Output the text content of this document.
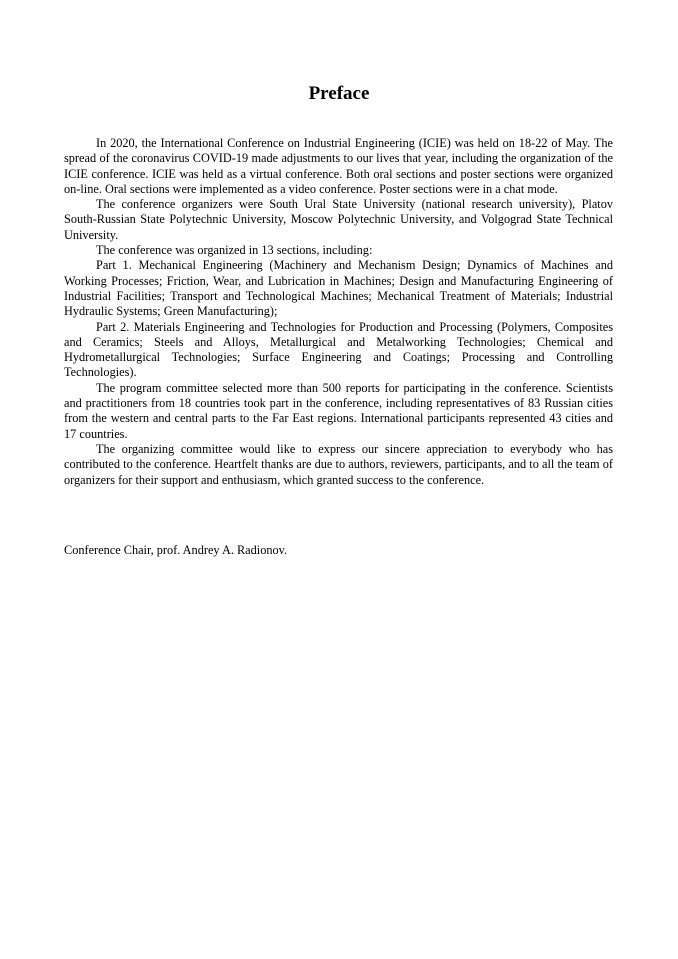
Preface

In 2020, the International Conference on Industrial Engineering (ICIE) was held on 18-22 of May. The spread of the coronavirus COVID-19 made adjustments to our lives that year, including the organization of the ICIE conference. ICIE was held as a virtual conference. Both oral sections and poster sections were organized on-line. Oral sections were implemented as a video conference. Poster sections were in a chat mode.

The conference organizers were South Ural State University (national research university), Platov South-Russian State Polytechnic University, Moscow Polytechnic University, and Volgograd State Technical University.

The conference was organized in 13 sections, including:

Part 1. Mechanical Engineering (Machinery and Mechanism Design; Dynamics of Machines and Working Processes; Friction, Wear, and Lubrication in Machines; Design and Manufacturing Engineering of Industrial Facilities; Transport and Technological Machines; Mechanical Treatment of Materials; Industrial Hydraulic Systems; Green Manufacturing);

Part 2. Materials Engineering and Technologies for Production and Processing (Polymers, Composites and Ceramics; Steels and Alloys, Metallurgical and Metalworking Technologies; Chemical and Hydrometallurgical Technologies; Surface Engineering and Coatings; Processing and Controlling Technologies).

The program committee selected more than 500 reports for participating in the conference. Scientists and practitioners from 18 countries took part in the conference, including representatives of 83 Russian cities from the western and central parts to the Far East regions. International participants represented 43 cities and 17 countries.

The organizing committee would like to express our sincere appreciation to everybody who has contributed to the conference. Heartfelt thanks are due to authors, reviewers, participants, and to all the team of organizers for their support and enthusiasm, which granted success to the conference.

Conference Chair, prof. Andrey A. Radionov.
